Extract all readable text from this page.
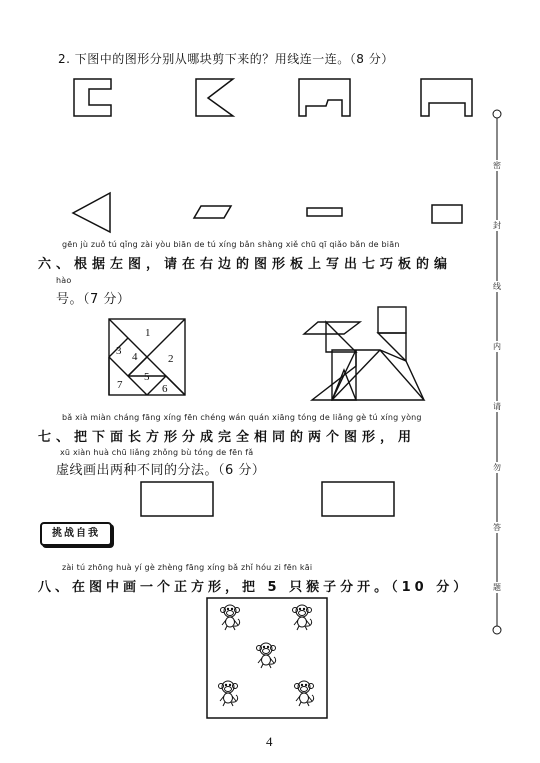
2. 下图中的图形分别从哪块剪下来的？用线连一连。（8 分）
gēn jù zuǒ tú qǐng zài yòu biān de tú xíng bǎn shàng xiě chū qī qiǎo bǎn de biān
六、根据左图，请在右边的图形板上写出七巧板的编
hào
号。（7 分）
1
2
3 4
5
6
7
bǎ xià miàn cháng fāng xíng fēn chéng wán quán xiāng tóng de liǎng gè tú xíng yòng
七、把下面长方形分成完全相同的两个图形，用
xū xiàn huà chū liǎng zhǒng bù tóng de fēn fǎ
虚线画出两种不同的分法。（6 分）
挑战自我
zài tú zhōng huà yí gè zhèng fāng xíng bǎ zhǐ hóu zi fēn kāi
八、在图中画一个正方形，把 5 只猴子分开。（10 分）
4
密
封
线
内
请
勿
答
题
